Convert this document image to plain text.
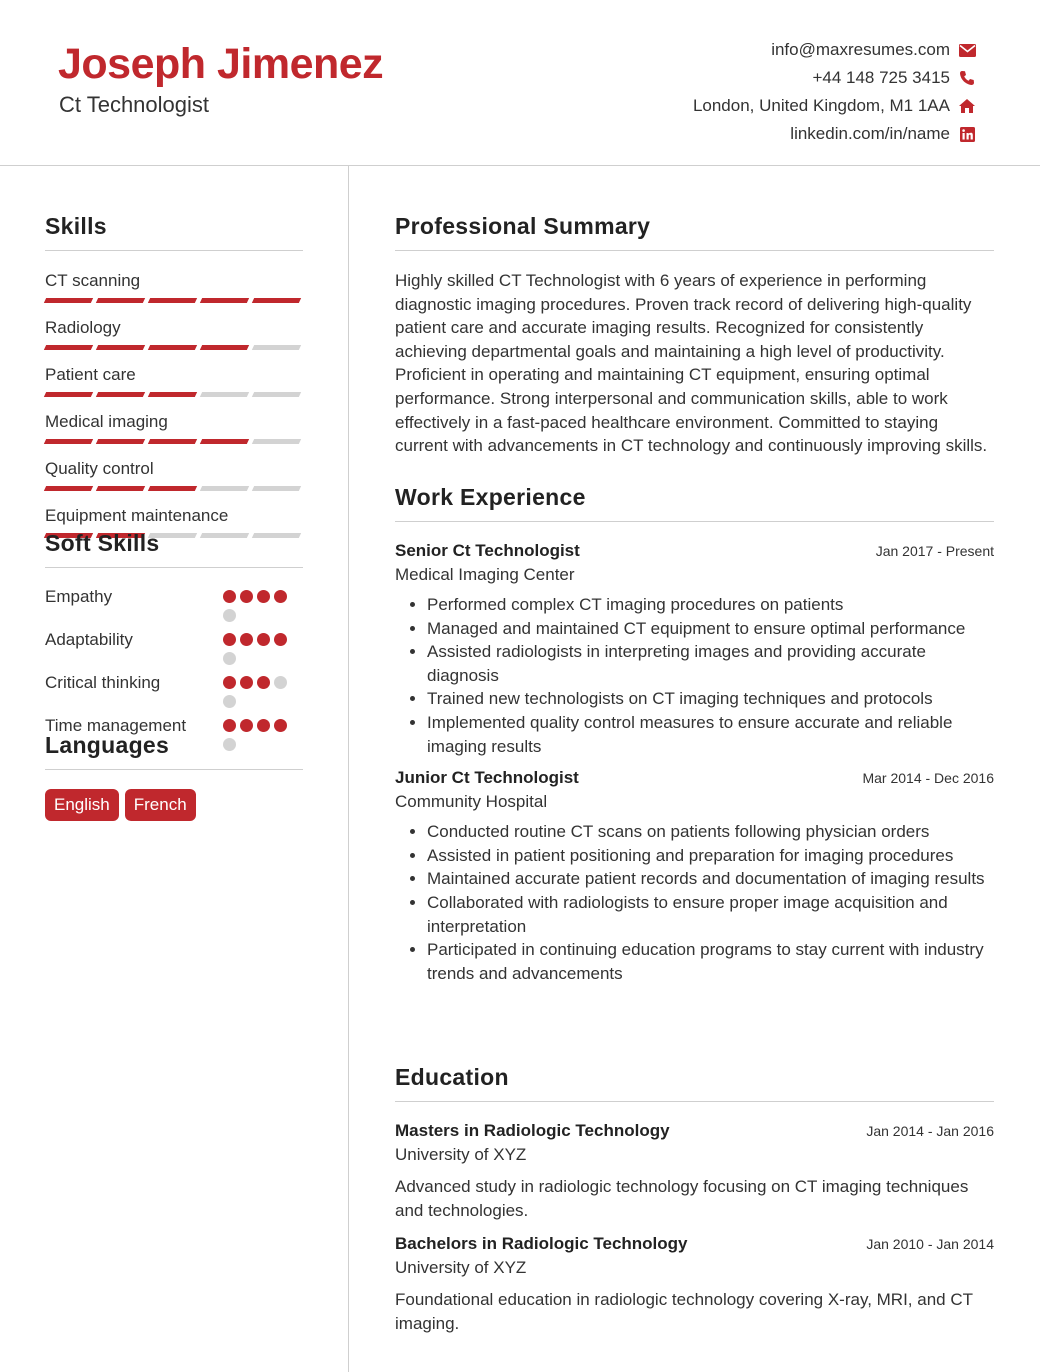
Joseph Jimenez
Ct Technologist
info@maxresumes.com
+44 148 725 3415
London, United Kingdom, M1 1AA
linkedin.com/in/name
Skills
CT scanning
Radiology
Patient care
Medical imaging
Quality control
Equipment maintenance
Soft Skills
Empathy
Adaptability
Critical thinking
Time management
Languages
English	French
Professional Summary

Highly skilled CT Technologist with 6 years of experience in performing diagnostic imaging procedures. Proven track record of delivering high-quality patient care and accurate imaging results. Recognized for consistently achieving departmental goals and maintaining a high level of productivity. Proficient in operating and maintaining CT equipment, ensuring optimal performance. Strong interpersonal and communication skills, able to work effectively in a fast-paced healthcare environment. Committed to staying current with advancements in CT technology and continuously improving skills.

Work Experience
Senior Ct Technologist	Jan 2017 - Present
Medical Imaging Center
• Performed complex CT imaging procedures on patients
• Managed and maintained CT equipment to ensure optimal performance
• Assisted radiologists in interpreting images and providing accurate diagnosis
• Trained new technologists on CT imaging techniques and protocols
• Implemented quality control measures to ensure accurate and reliable imaging results
Junior Ct Technologist	Mar 2014 - Dec 2016
Community Hospital
• Conducted routine CT scans on patients following physician orders
• Assisted in patient positioning and preparation for imaging procedures
• Maintained accurate patient records and documentation of imaging results
• Collaborated with radiologists to ensure proper image acquisition and interpretation
• Participated in continuing education programs to stay current with industry trends and advancements
Education
Masters in Radiologic Technology	Jan 2014 - Jan 2016
University of XYZ

Advanced study in radiologic technology focusing on CT imaging techniques and technologies.

Bachelors in Radiologic Technology	Jan 2010 - Jan 2014
University of XYZ

Foundational education in radiologic technology covering X-ray, MRI, and CT imaging.
